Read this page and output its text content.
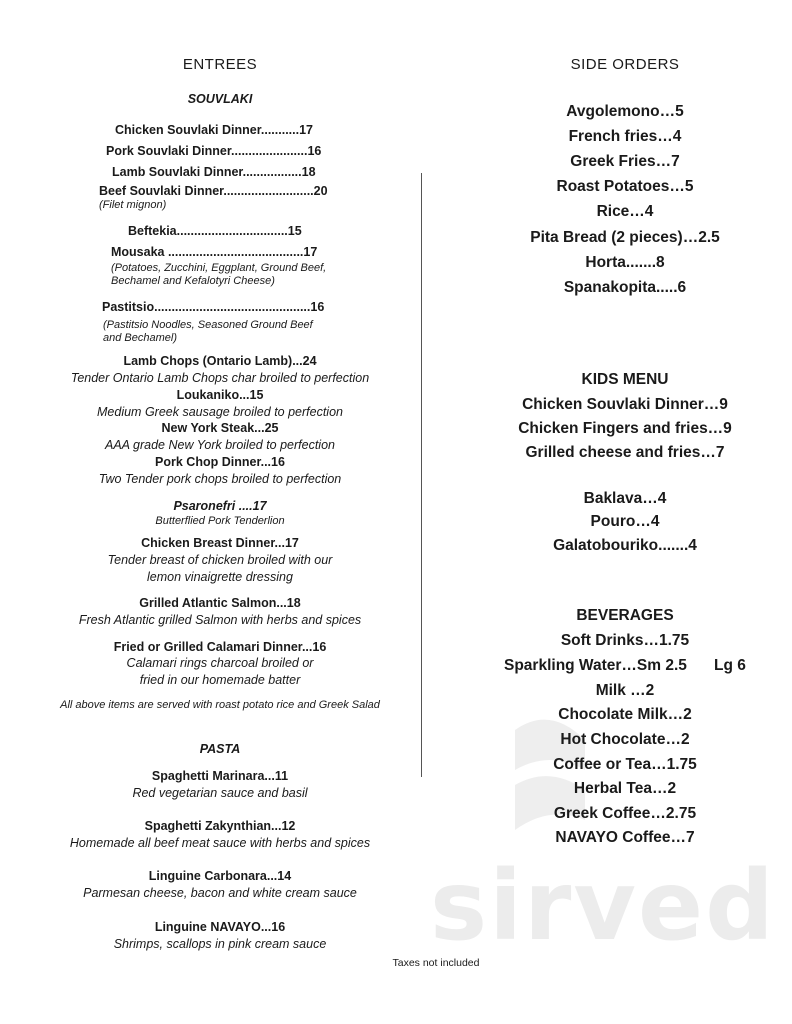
sirved
ENTREES
SOUVLAKI
Chicken Souvlaki Dinner...........17
Pork Souvlaki Dinner......................16
Lamb Souvlaki Dinner.................18
Beef Souvlaki Dinner..........................20
(Filet mignon)
Beftekia................................15
Mousaka .......................................17
(Potatoes, Zucchini, Eggplant, Ground Beef,
Bechamel and Kefalotyri Cheese)
Pastitsio.............................................16
(Pastitsio Noodles, Seasoned Ground Beef
and Bechamel)
Lamb Chops (Ontario Lamb)...24
Tender Ontario Lamb Chops char broiled to perfection
Loukaniko...15
Medium Greek sausage broiled to perfection
New York Steak...25
AAA grade New York broiled to perfection
Pork Chop Dinner...16
Two Tender pork chops broiled to perfection
Psaronefri ....17
Butterflied Pork Tenderlion
Chicken Breast Dinner...17
Tender breast of chicken broiled with our
lemon vinaigrette dressing
Grilled Atlantic Salmon...18
Fresh Atlantic grilled Salmon with herbs and spices
Fried or Grilled Calamari Dinner...16
Calamari rings charcoal broiled or
fried in our homemade batter
All above items are served with roast potato rice and Greek Salad
PASTA
Spaghetti Marinara...11
Red vegetarian sauce and basil
Spaghetti Zakynthian...12
Homemade all beef meat sauce with herbs and spices
Linguine Carbonara...14
Parmesan cheese, bacon and white cream sauce
Linguine NAVAYO...16
Shrimps, scallops in pink cream sauce
SIDE ORDERS
Avgolemono…5
French fries…4
Greek Fries…7
Roast Potatoes…5
Rice…4
Pita Bread (2 pieces)…2.5
Horta.......8
Spanakopita.....6
KIDS MENU
Chicken Souvlaki Dinner…9
Chicken Fingers and fries…9
Grilled cheese and fries…7
Baklava…4
Pouro…4
Galatobouriko.......4
BEVERAGES
Soft Drinks…1.75
Sparkling Water…Sm 2.5 Lg 6
Milk …2
Chocolate Milk…2
Hot Chocolate…2
Coffee or Tea…1.75
Herbal Tea…2
Greek Coffee…2.75
NAVAYO Coffee…7
Taxes not included
